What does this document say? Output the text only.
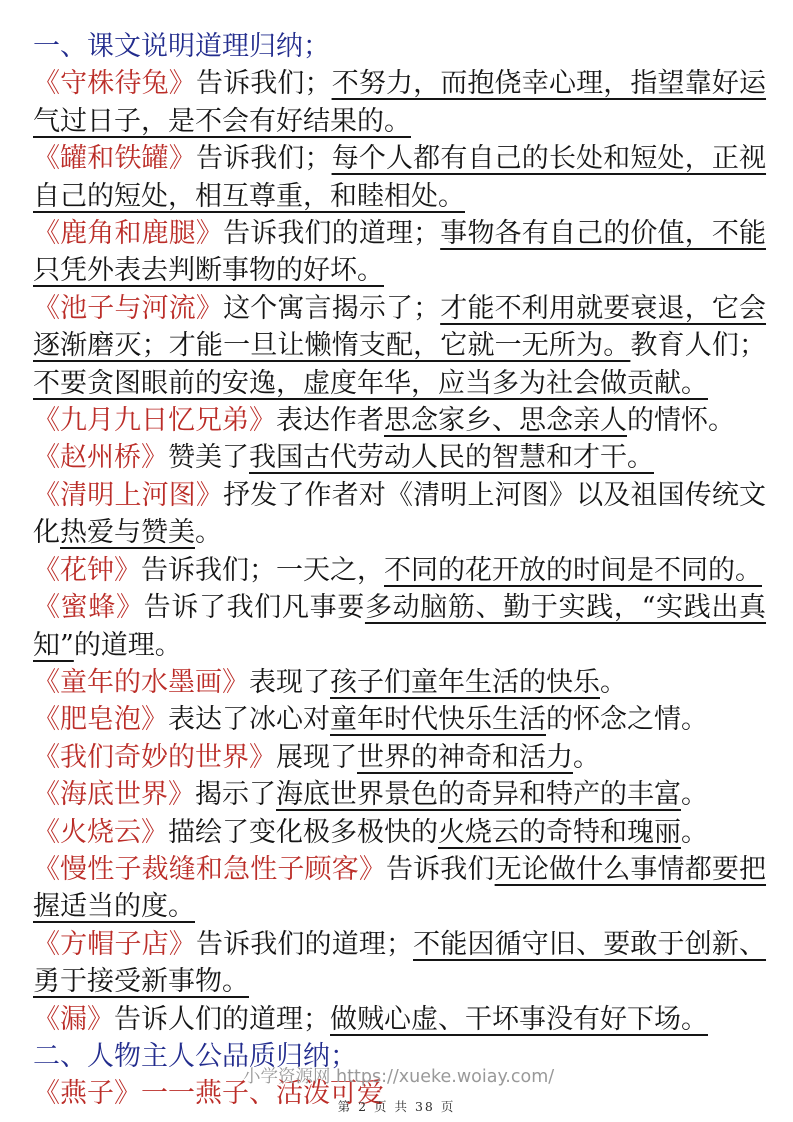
一、课文说明道理归纳；
《守株待兔》告诉我们；不努力，而抱侥幸心理，指望靠好运气过日子，是不会有好结果的。
《罐和铁罐》告诉我们；每个人都有自己的长处和短处，正视自己的短处，相互尊重，和睦相处。
《鹿角和鹿腿》告诉我们的道理；事物各有自己的价值，不能只凭外表去判断事物的好坏。
《池子与河流》这个寓言揭示了；才能不利用就要衰退，它会逐渐磨灭；才能一旦让懒惰支配，它就一无所为。教育人们；不要贪图眼前的安逸，虚度年华，应当多为社会做贡献。
《九月九日忆兄弟》表达作者思念家乡、思念亲人的情怀。
《赵州桥》赞美了我国古代劳动人民的智慧和才干。
《清明上河图》抒发了作者对《清明上河图》以及祖国传统文化热爱与赞美。
《花钟》告诉我们；一天之，不同的花开放的时间是不同的。
《蜜蜂》告诉了我们凡事要多动脑筋、勤于实践，“实践出真知”的道理。
《童年的水墨画》表现了孩子们童年生活的快乐。
《肥皂泡》表达了冰心对童年时代快乐生活的怀念之情。
《我们奇妙的世界》展现了世界的神奇和活力。
《海底世界》揭示了海底世界景色的奇异和特产的丰富。
《火烧云》描绘了变化极多极快的火烧云的奇特和瑰丽。
《慢性子裁缝和急性子顾客》告诉我们无论做什么事情都要把握适当的度。
《方帽子店》告诉我们的道理；不能因循守旧、要敢于创新、勇于接受新事物。
《漏》告诉人们的道理；做贼心虚、干坏事没有好下场。
二、人物主人公品质归纳；
《燕子》一一燕子、活泼可爱
小学资源网 https://xueke.woiay.com/
第 2 页 共 38 页
